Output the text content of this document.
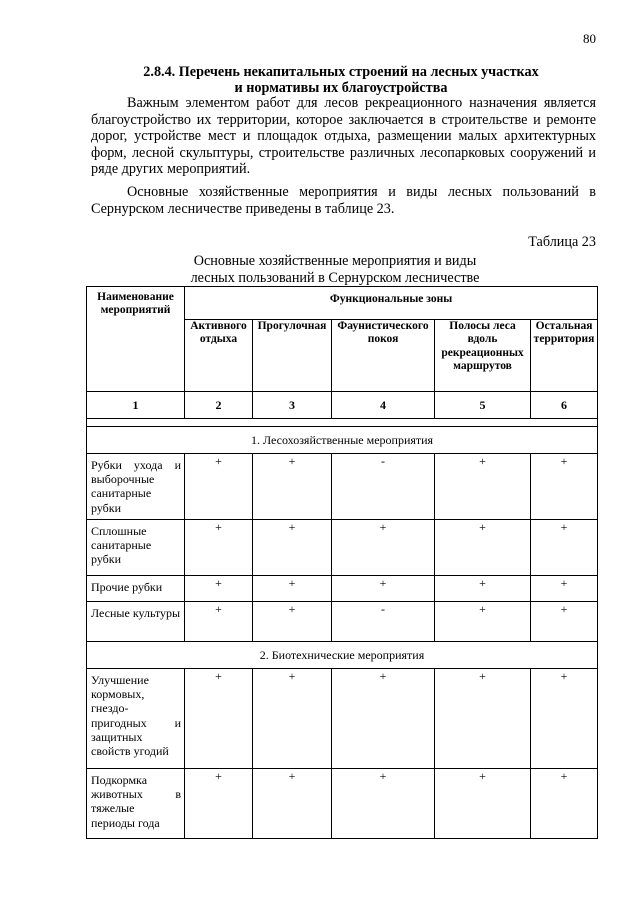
80
2.8.4. Перечень некапитальных строений на лесных участках
и нормативы их благоустройства

Важным элементом работ для лесов рекреационного назначения является благоустройство их территории, которое заключается в строительстве и ремонте дорог, устройстве мест и площадок отдыха, размещении малых архитектурных форм, лесной скульптуры, строительстве различных лесопарковых сооружений и ряде других мероприятий.

Основные хозяйственные мероприятия и виды лесных пользований в Сернурском лесничестве приведены в таблице 23.

Таблица 23
Основные хозяйственные мероприятия и виды
лесных пользований в Сернурском лесничестве
Наименование мероприятий	Функциональные зоны				
	Активного отдыха	Прогулочная	Фаунистического покоя	Полосы леса вдоль рекреационных маршрутов	Остальная территория
1	2	3	4	5	6

1. Лесохозяйственные мероприятия					
Рубки ухода и выборочные санитарные рубки	+	+	-	+	+
Сплошные санитарные рубки	+	+	+	+	+
Прочие рубки	+	+	+	+	+
Лесные культуры	+	+	-	+	+
2. Биотехнические мероприятия					
Улучшение кормовых, гнездо-пригодных и защитных свойств угодий	+	+	+	+	+
Подкормка животных в тяжелые периоды года	+	+	+	+	+
